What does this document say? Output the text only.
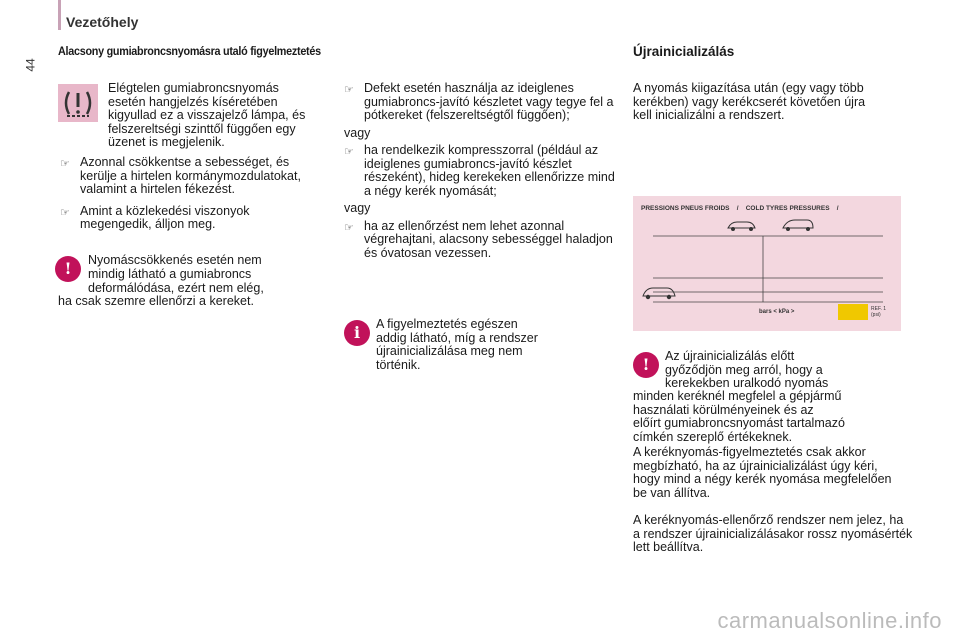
Vezetőhely
44
Alacsony gumiabroncsnyomásra utaló figyelmeztetés

Elégtelen gumiabroncsnyomás esetén hangjelzés kíséretében kigyullad ez a visszajelző lámpa, és felszereltségi szinttől függően egy üzenet is megjelenik.

☞ Azonnal csökkentse a sebességet, és kerülje a hirtelen kormánymozdulatokat, valamint a hirtelen fékezést.

☞ Amint a közlekedési viszonyok megengedik, álljon meg.

!	Nyomáscsökkenés esetén nem

mindig látható a gumiabroncs

deformálódása, ezért nem elég,

ha csak szemre ellenőrzi a kereket.

☞ Defekt esetén használja az ideiglenes gumiabroncs-javító készletet vagy tegye fel a pótkereket (felszereltségtől függően);

vagy

☞ ha rendelkezik kompresszorral (például az ideiglenes gumiabroncs-javító készlet részeként), hideg kerekeken ellenőrizze mind a négy kerék nyomását;

vagy

☞ ha az ellenőrzést nem lehet azonnal végrehajtani, alacsony sebességgel haladjon és óvatosan vezessen.

i	A figyelmeztetés egészen

addig látható, míg a rendszer

újrainicializálása meg nem

történik.

Újrainicializálás

A nyomás kiigazítása után (egy vagy több kerékben) vagy kerékcserét követően újra kell inicializálni a rendszert.

PRESSIONS PNEUS FROIDS    /    COLD TYRES PRESSURES    /
bars < kPa >	REF. 1 (psi)
!	Az újrainicializálás előtt

győződjön meg arról, hogy a

kerekekben uralkodó nyomás

minden keréknél megfelel a gépjármű

használati körülményeinek és az

előírt gumiabroncsnyomást tartalmazó

címkén szereplő értékeknek.

A keréknyomás-figyelmeztetés csak akkor megbízható, ha az újrainicializálást úgy kéri, hogy mind a négy kerék nyomása megfelelően be van állítva.

A keréknyomás-ellenőrző rendszer nem jelez, ha a rendszer újrainicializálásakor rossz nyomásérték lett beállítva.

carmanualsonline.info
